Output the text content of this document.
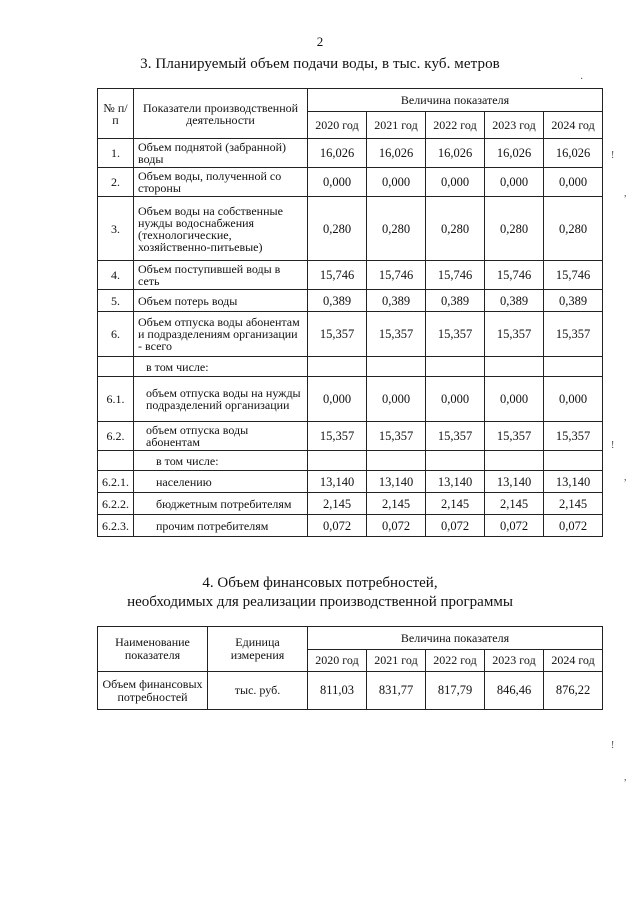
2
3. Планируемый объем подачи воды, в тыс. куб. метров
№ п/п	Показатели производственной деятельности	Величина показателя				
		2020 год	2021 год	2022 год	2023 год	2024 год
1.	Объем поднятой (забранной) воды	16,026	16,026	16,026	16,026	16,026
2.	Объем воды, полученной со стороны	0,000	0,000	0,000	0,000	0,000
3.	Объем воды на собственные нужды водоснабжения (технологические, хозяйственно-питьевые)	0,280	0,280	0,280	0,280	0,280
4.	Объем поступившей воды в сеть	15,746	15,746	15,746	15,746	15,746
5.	Объем потерь воды	0,389	0,389	0,389	0,389	0,389
6.	Объем отпуска воды абонентам и подразделениям организации - всего	15,357	15,357	15,357	15,357	15,357
	в том числе:					
6.1.	объем отпуска воды на нужды подразделений организации	0,000	0,000	0,000	0,000	0,000
6.2.	объем отпуска воды абонентам	15,357	15,357	15,357	15,357	15,357
	в том числе:					
6.2.1.	населению	13,140	13,140	13,140	13,140	13,140
6.2.2.	бюджетным потребителям	2,145	2,145	2,145	2,145	2,145
6.2.3.	прочим потребителям	0,072	0,072	0,072	0,072	0,072
4. Объем финансовых потребностей,
необходимых для реализации производственной программы
Наименование показателя	Единица измерения	Величина показателя				
		2020 год	2021 год	2022 год	2023 год	2024 год
Объем финансовых потребностей	тыс. руб.	811,03	831,77	817,79	846,46	876,22
·
!
,
!
,
!
,
